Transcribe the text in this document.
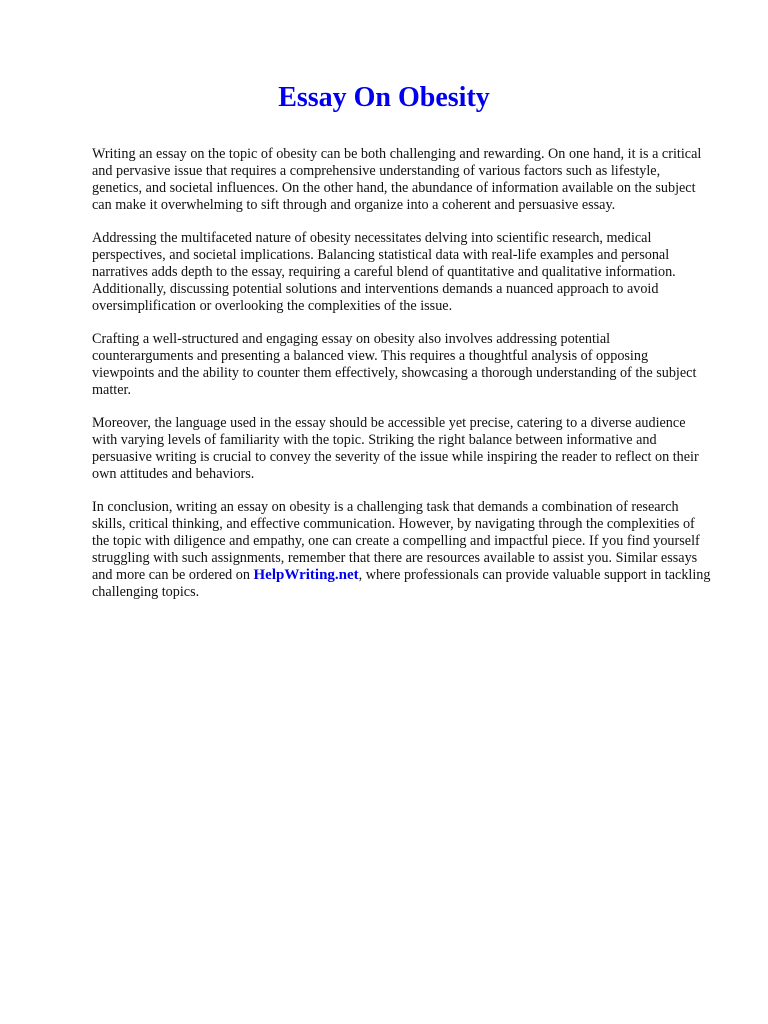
Essay On Obesity

Writing an essay on the topic of obesity can be both challenging and rewarding. On one hand, it is a critical and pervasive issue that requires a comprehensive understanding of various factors such as lifestyle, genetics, and societal influences. On the other hand, the abundance of information available on the subject can make it overwhelming to sift through and organize into a coherent and persuasive essay.

Addressing the multifaceted nature of obesity necessitates delving into scientific research, medical perspectives, and societal implications. Balancing statistical data with real-life examples and personal narratives adds depth to the essay, requiring a careful blend of quantitative and qualitative information. Additionally, discussing potential solutions and interventions demands a nuanced approach to avoid oversimplification or overlooking the complexities of the issue.

Crafting a well-structured and engaging essay on obesity also involves addressing potential counterarguments and presenting a balanced view. This requires a thoughtful analysis of opposing viewpoints and the ability to counter them effectively, showcasing a thorough understanding of the subject matter.

Moreover, the language used in the essay should be accessible yet precise, catering to a diverse audience with varying levels of familiarity with the topic. Striking the right balance between informative and persuasive writing is crucial to convey the severity of the issue while inspiring the reader to reflect on their own attitudes and behaviors.

In conclusion, writing an essay on obesity is a challenging task that demands a combination of research skills, critical thinking, and effective communication. However, by navigating through the complexities of the topic with diligence and empathy, one can create a compelling and impactful piece. If you find yourself struggling with such assignments, remember that there are resources available to assist you. Similar essays and more can be ordered on HelpWriting.net, where professionals can provide valuable support in tackling challenging topics.
